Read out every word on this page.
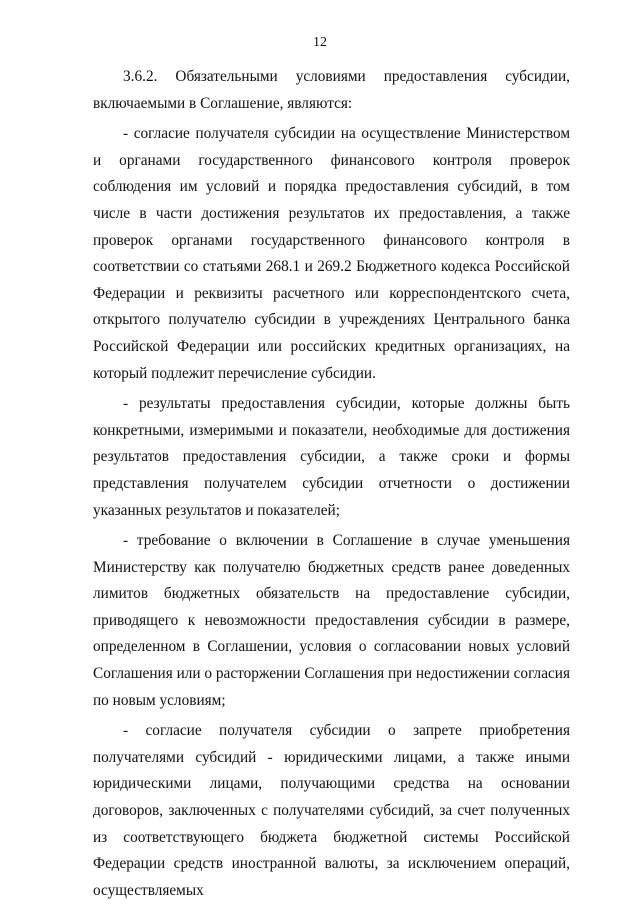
12

3.6.2. Обязательными условиями предоставления субсидии, включаемыми в Соглашение, являются:

- согласие получателя субсидии на осуществление Министерством и органами государственного финансового контроля проверок соблюдения им условий и порядка предоставления субсидий, в том числе в части достижения результатов их предоставления, а также проверок органами государственного финансового контроля в соответствии со статьями 268.1 и 269.2 Бюджетного кодекса Российской Федерации и реквизиты расчетного или корреспондентского счета, открытого получателю субсидии в учреждениях Центрального банка Российской Федерации или российских кредитных организациях, на который подлежит перечисление субсидии.

- результаты предоставления субсидии, которые должны быть конкретными, измеримыми и показатели, необходимые для достижения результатов предоставления субсидии, а также сроки и формы представления получателем субсидии отчетности о достижении указанных результатов и показателей;

- требование о включении в Соглашение в случае уменьшения Министерству как получателю бюджетных средств ранее доведенных лимитов бюджетных обязательств на предоставление субсидии, приводящего к невозможности предоставления субсидии в размере, определенном в Соглашении, условия о согласовании новых условий Соглашения или о расторжении Соглашения при недостижении согласия по новым условиям;

- согласие получателя субсидии о запрете приобретения получателями субсидий - юридическими лицами, а также иными юридическими лицами, получающими средства на основании договоров, заключенных с получателями субсидий, за счет полученных из соответствующего бюджета бюджетной системы Российской Федерации средств иностранной валюты, за исключением операций, осуществляемых
